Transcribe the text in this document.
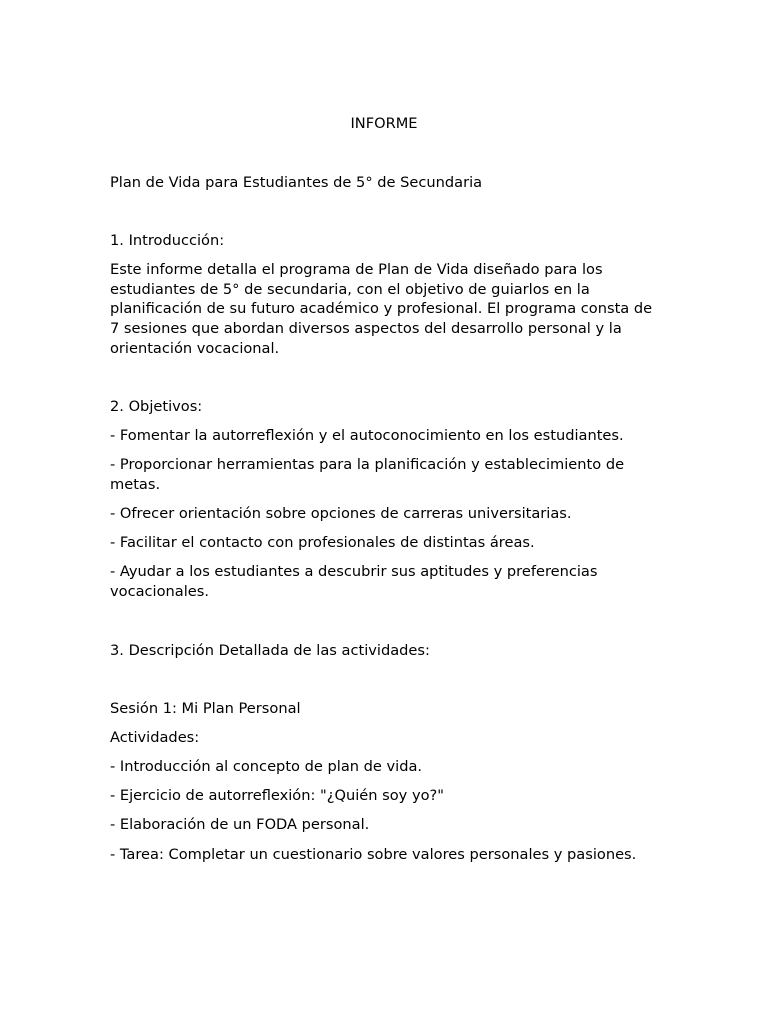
INFORME

Plan de Vida para Estudiantes de 5° de Secundaria

1. Introducción:

Este informe detalla el programa de Plan de Vida diseñado para los estudiantes de 5° de secundaria, con el objetivo de guiarlos en la planificación de su futuro académico y profesional. El programa consta de 7 sesiones que abordan diversos aspectos del desarrollo personal y la orientación vocacional.

2. Objetivos:

- Fomentar la autorreflexión y el autoconocimiento en los estudiantes.

- Proporcionar herramientas para la planificación y establecimiento de metas.

- Ofrecer orientación sobre opciones de carreras universitarias.

- Facilitar el contacto con profesionales de distintas áreas.

- Ayudar a los estudiantes a descubrir sus aptitudes y preferencias vocacionales.

3. Descripción Detallada de las actividades:

Sesión 1: Mi Plan Personal

Actividades:

- Introducción al concepto de plan de vida.

- Ejercicio de autorreflexión: "¿Quién soy yo?"

- Elaboración de un FODA personal.

- Tarea: Completar un cuestionario sobre valores personales y pasiones.
